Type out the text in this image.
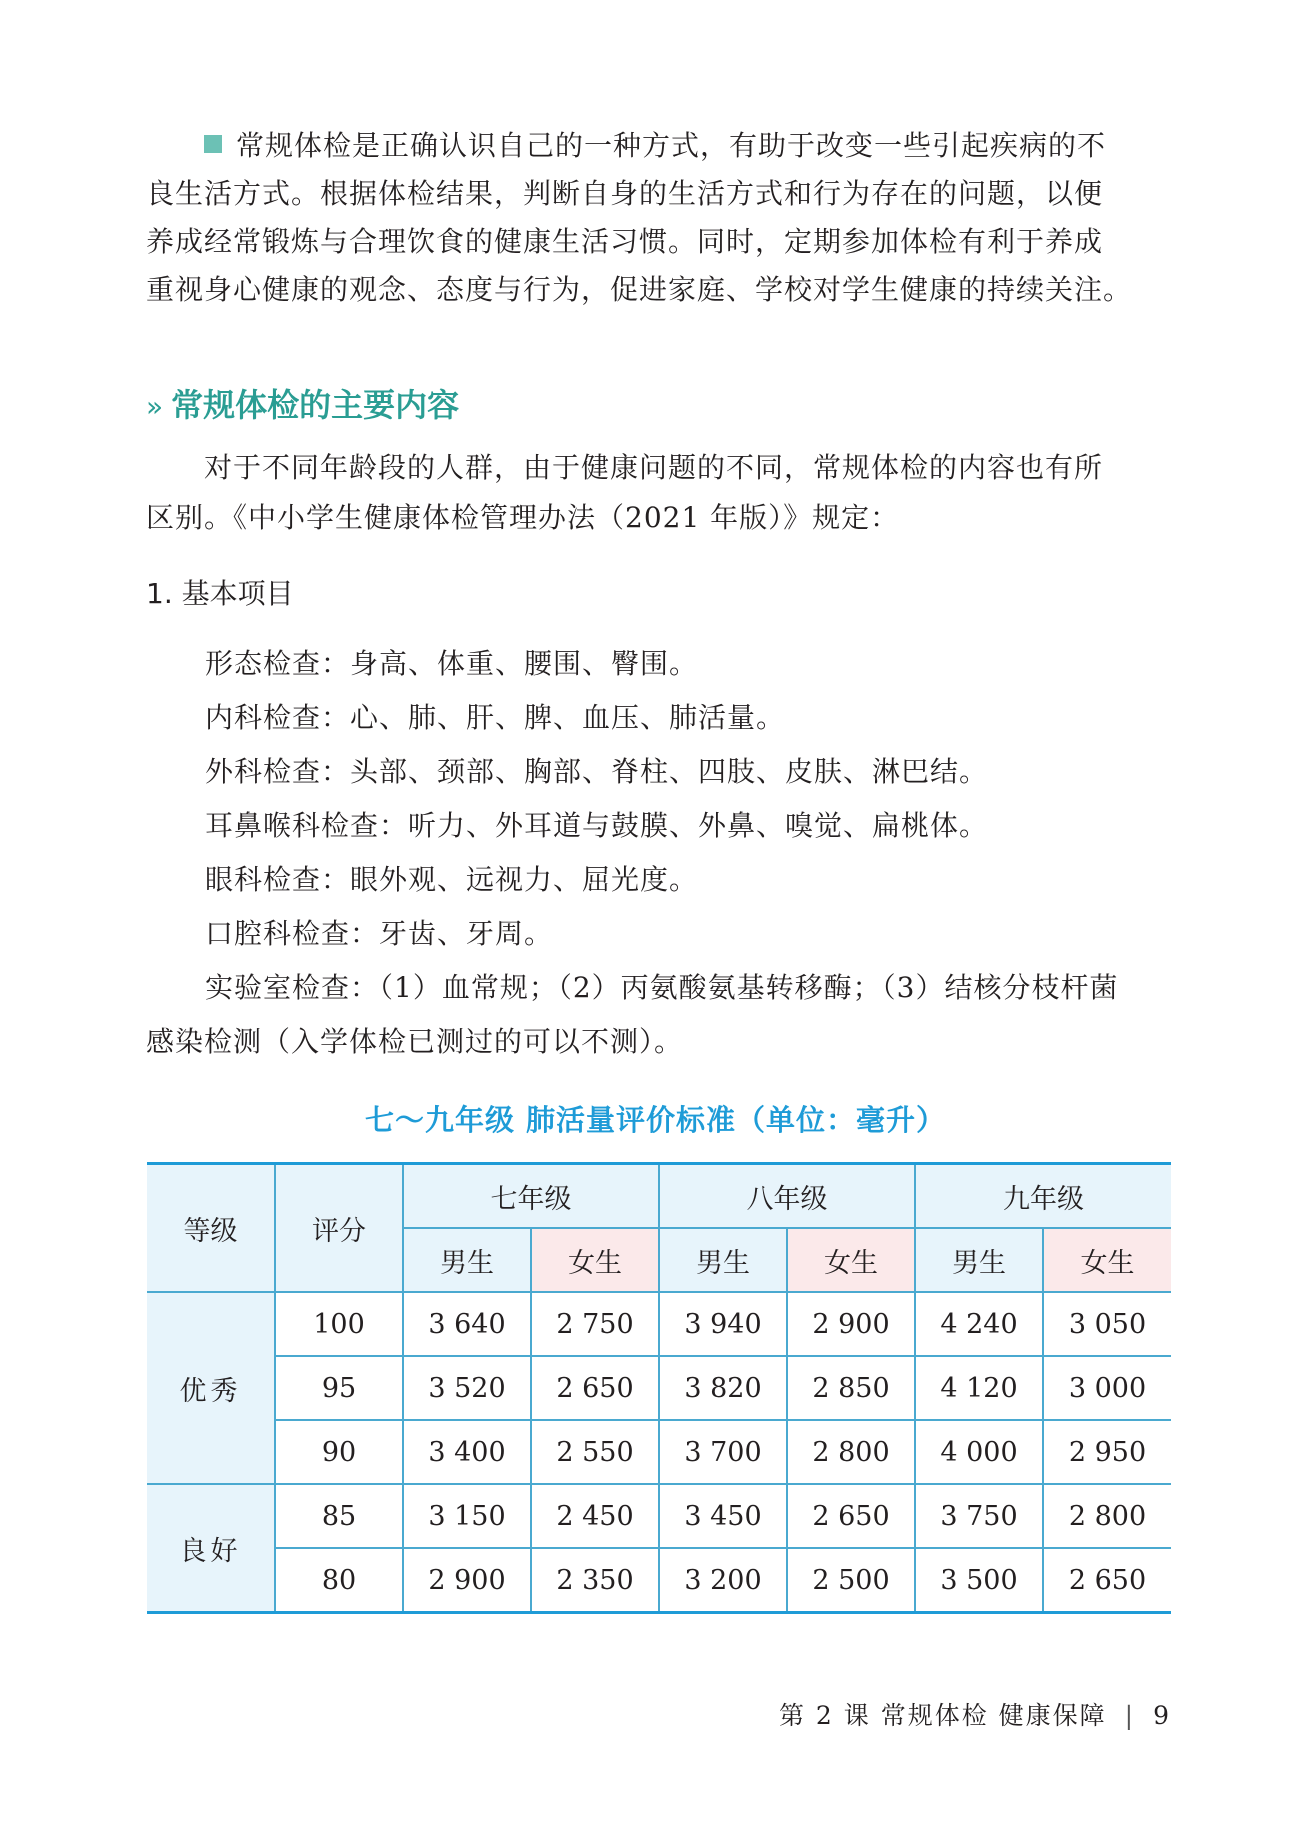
常规体检是正确认识自己的一种方式，有助于改变一些引起疾病的不
良生活方式。根据体检结果，判断自身的生活方式和行为存在的问题，以便
养成经常锻炼与合理饮食的健康生活习惯。同时，定期参加体检有利于养成
重视身心健康的观念、态度与行为，促进家庭、学校对学生健康的持续关注。
» 常规体检的主要内容
对于不同年龄段的人群，由于健康问题的不同，常规体检的内容也有所
区别。《中小学生健康体检管理办法（2021 年版）》规定：
1. 基本项目
形态检查：身高、体重、腰围、臀围。
内科检查：心、肺、肝、脾、血压、肺活量。
外科检查：头部、颈部、胸部、脊柱、四肢、皮肤、淋巴结。
耳鼻喉科检查：听力、外耳道与鼓膜、外鼻、嗅觉、扁桃体。
眼科检查：眼外观、远视力、屈光度。
口腔科检查：牙齿、牙周。
实验室检查：（1）血常规；（2）丙氨酸氨基转移酶；（3）结核分枝杆菌
感染检测（入学体检已测过的可以不测）。
七～九年级 肺活量评价标准（单位：毫升）
等级	评分	七年级		八年级		九年级	
		男生	女生	男生	女生	男生	女生
优秀	100	3 640	2 750	3 940	2 900	4 240	3 050
	95	3 520	2 650	3 820	2 850	4 120	3 000
	90	3 400	2 550	3 700	2 800	4 000	2 950
良好	85	3 150	2 450	3 450	2 650	3 750	2 800
	80	2 900	2 350	3 200	2 500	3 500	2 650
第 2 课 常规体检 健康保障 | 9
